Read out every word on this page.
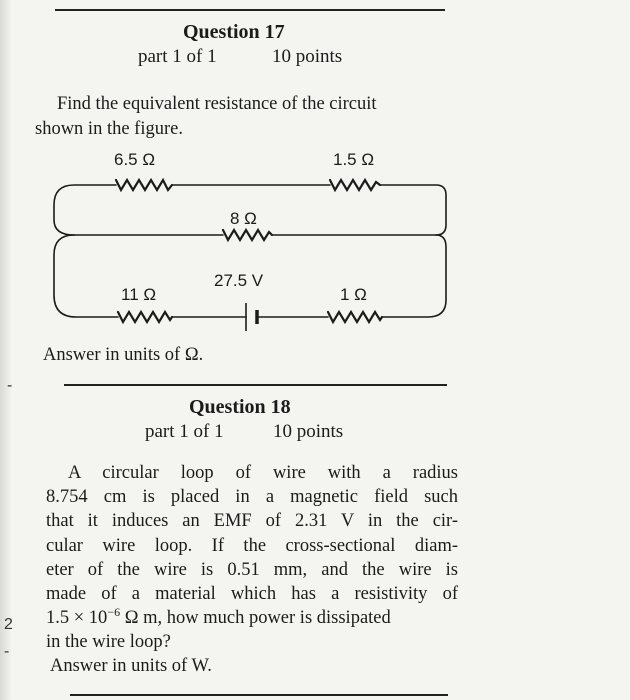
Question 17
part 1 of 1	10 points
Find the equivalent resistance of the circuit
shown in the figure.
6.5 Ω	1.5 Ω
8 Ω
27.5 V
11 Ω	1 Ω
Answer in units of Ω.
-
Question 18
part 1 of 1	10 points
A circular loop of wire with a radius
8.754 cm is placed in a magnetic field such
that it induces an EMF of 2.31 V in the cir-
cular wire loop. If the cross-sectional diam-
eter of the wire is 0.51 mm, and the wire is
made of a material which has a resistivity of
$1.5 \times 10^{-6}$ Ω m, how much power is dissipated
in the wire loop?
Answer in units of W.
2
-
